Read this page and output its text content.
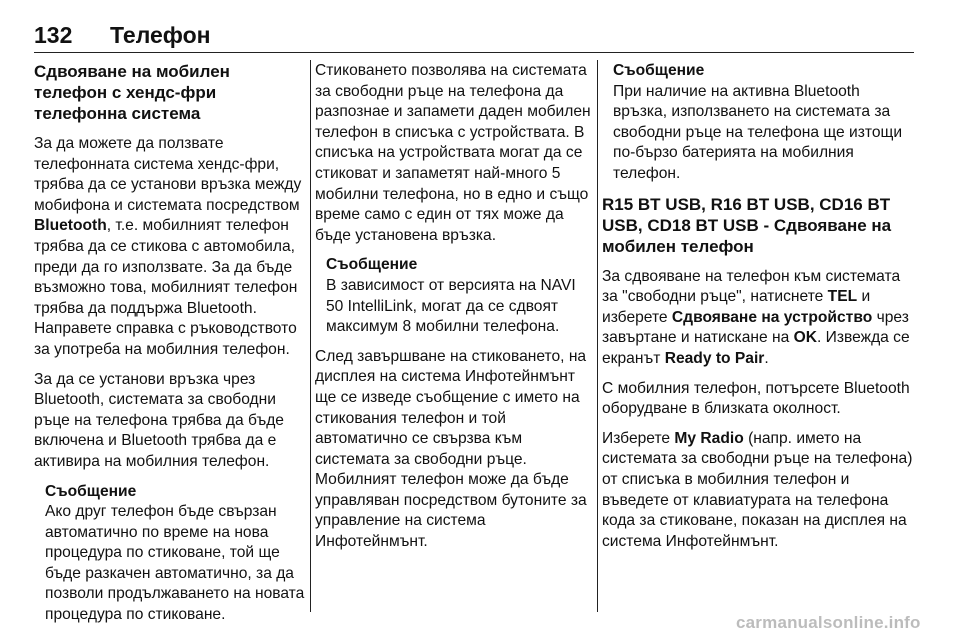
132 Телефон
Сдвояване на мобилен телефон с хендс-фри телефонна система

За да можете да ползвате телефонната система хендс-фри, трябва да се установи връзка между мобифона и системата посредством Bluetooth, т.е. мобилният телефон трябва да се стикова с автомобила, преди да го използвате. За да бъде възможно това, мобилният телефон трябва да поддържа Bluetooth. Направете справка с ръководството за употреба на мобилния телефон.

За да се установи връзка чрез Bluetooth, системата за свободни ръце на телефона трябва да бъде включена и Bluetooth трябва да е активира на мобилния телефон.

Съобщение
Ако друг телефон бъде свързан автоматично по време на нова процедура по стиковане, той ще бъде разкачен автоматично, за да позволи продължаването на новата процедура по стиковане.

Стиковането позволява на системата за свободни ръце на телефона да разпознае и запамети даден мобилен телефон в списъка с устройствата. В списъка на устройствата могат да се стиковат и запаметят най-много 5 мобилни телефона, но в едно и също време само с един от тях може да бъде установена връзка.

Съобщение
В зависимост от версията на NAVI 50 IntelliLink, могат да се сдвоят максимум 8 мобилни телефона.

След завършване на стиковането, на дисплея на система Инфотейнмънт ще се изведе съобщение с името на стикования телефон и той автоматично се свързва към системата за свободни ръце. Мобилният телефон може да бъде управляван посредством бутоните за управление на система Инфотейнмънт.

Съобщение
При наличие на активна Bluetooth връзка, използването на системата за свободни ръце на телефона ще изтощи по-бързо батерията на мобилния телефон.
R15 BT USB, R16 BT USB, CD16 BT USB, CD18 BT USB - Сдвояване на мобилен телефон

За сдвояване на телефон към системата за "свободни ръце", натиснете TEL и изберете Сдвояване на устройство чрез завъртане и натискане на OK. Извежда се екранът Ready to Pair.

С мобилния телефон, потърсете Bluetooth оборудване в близката околност.

Изберете My Radio (напр. името на системата за свободни ръце на телефона) от списъка в мобилния телефон и въведете от клавиатурата на телефона кода за стиковане, показан на дисплея на система Инфотейнмънт.

carmanualsonline.info
